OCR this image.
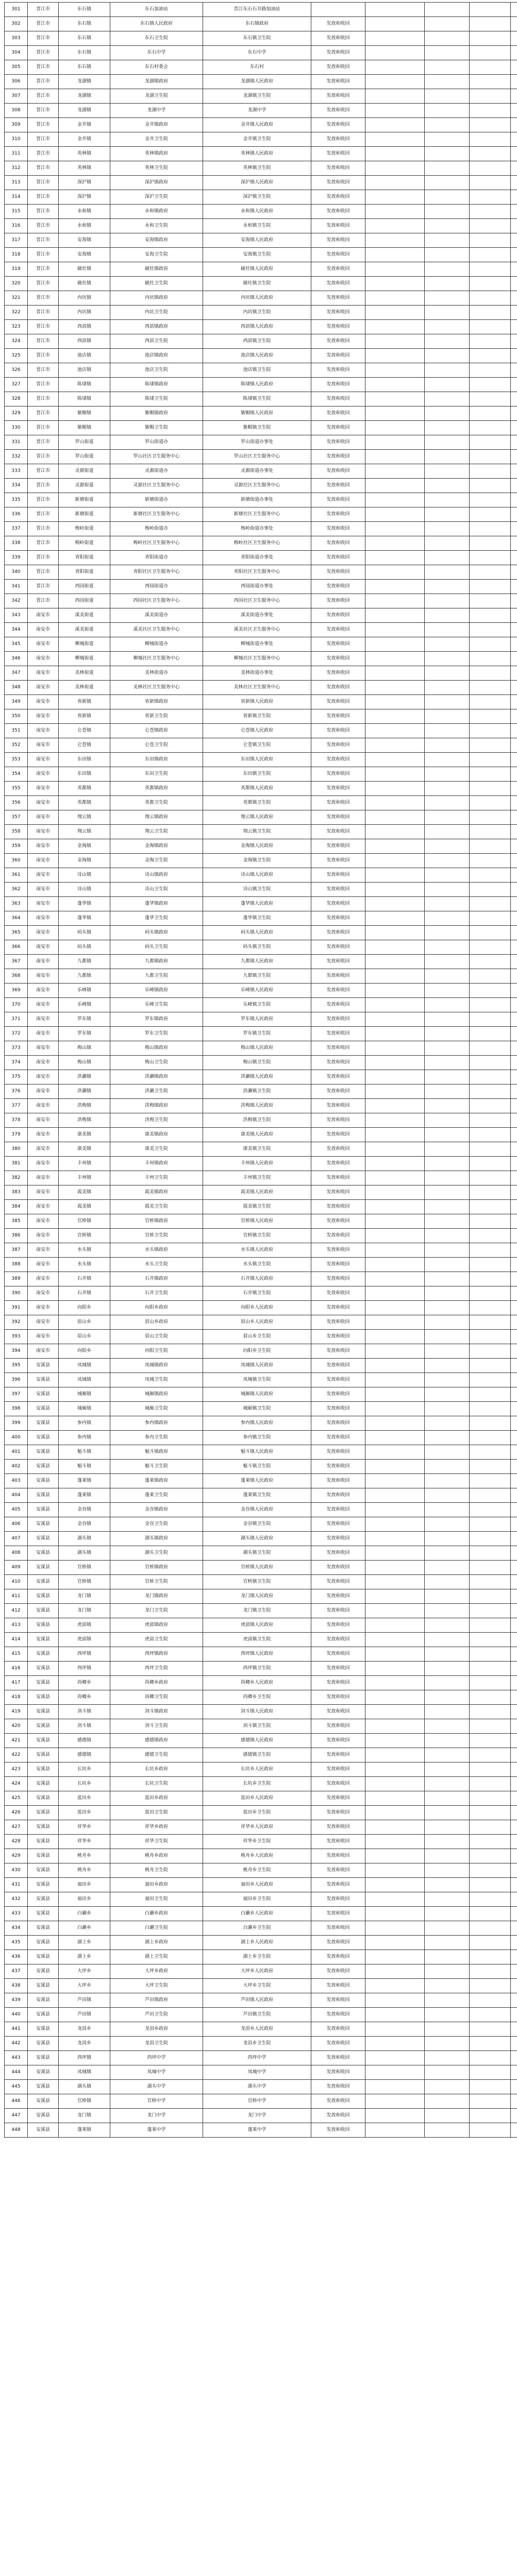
301	晋江市	东石镇	东石加油站	晋江东石石井路加油站					
302	晋江市	东石镇	东石镇人民政府	东石镇政府	发放和收回				
303	晋江市	东石镇	东石卫生院	东石镇卫生院	发放和收回				
304	晋江市	东石镇	东石中学	东石中学	发放和收回				
305	晋江市	东石镇	东石村委会	东石村	发放和收回				
306	晋江市	龙湖镇	龙湖镇政府	龙湖镇人民政府	发放和收回				
307	晋江市	龙湖镇	龙湖卫生院	龙湖镇卫生院	发放和收回				
308	晋江市	龙湖镇	龙湖中学	龙湖中学	发放和收回				
309	晋江市	金井镇	金井镇政府	金井镇人民政府	发放和收回				
310	晋江市	金井镇	金井卫生院	金井镇卫生院	发放和收回				
311	晋江市	英林镇	英林镇政府	英林镇人民政府	发放和收回				
312	晋江市	英林镇	英林卫生院	英林镇卫生院	发放和收回				
313	晋江市	深沪镇	深沪镇政府	深沪镇人民政府	发放和收回				
314	晋江市	深沪镇	深沪卫生院	深沪镇卫生院	发放和收回				
315	晋江市	永和镇	永和镇政府	永和镇人民政府	发放和收回				
316	晋江市	永和镇	永和卫生院	永和镇卫生院	发放和收回				
317	晋江市	安海镇	安海镇政府	安海镇人民政府	发放和收回				
318	晋江市	安海镇	安海卫生院	安海镇卫生院	发放和收回				
319	晋江市	磁灶镇	磁灶镇政府	磁灶镇人民政府	发放和收回				
320	晋江市	磁灶镇	磁灶卫生院	磁灶镇卫生院	发放和收回				
321	晋江市	内坑镇	内坑镇政府	内坑镇人民政府	发放和收回				
322	晋江市	内坑镇	内坑卫生院	内坑镇卫生院	发放和收回				
323	晋江市	西滨镇	西滨镇政府	西滨镇人民政府	发放和收回				
324	晋江市	西滨镇	西滨卫生院	西滨镇卫生院	发放和收回				
325	晋江市	池店镇	池店镇政府	池店镇人民政府	发放和收回				
326	晋江市	池店镇	池店卫生院	池店镇卫生院	发放和收回				
327	晋江市	陈埭镇	陈埭镇政府	陈埭镇人民政府	发放和收回				
328	晋江市	陈埭镇	陈埭卫生院	陈埭镇卫生院	发放和收回				
329	晋江市	紫帽镇	紫帽镇政府	紫帽镇人民政府	发放和收回				
330	晋江市	紫帽镇	紫帽卫生院	紫帽镇卫生院	发放和收回				
331	晋江市	罗山街道	罗山街道办	罗山街道办事处	发放和收回				
332	晋江市	罗山街道	罗山社区卫生服务中心	罗山社区卫生服务中心	发放和收回				
333	晋江市	灵源街道	灵源街道办	灵源街道办事处	发放和收回				
334	晋江市	灵源街道	灵源社区卫生服务中心	灵源社区卫生服务中心	发放和收回				
335	晋江市	新塘街道	新塘街道办	新塘街道办事处	发放和收回				
336	晋江市	新塘街道	新塘社区卫生服务中心	新塘社区卫生服务中心	发放和收回				
337	晋江市	梅岭街道	梅岭街道办	梅岭街道办事处	发放和收回				
338	晋江市	梅岭街道	梅岭社区卫生服务中心	梅岭社区卫生服务中心	发放和收回				
339	晋江市	青阳街道	青阳街道办	青阳街道办事处	发放和收回				
340	晋江市	青阳街道	青阳社区卫生服务中心	青阳社区卫生服务中心	发放和收回				
341	晋江市	西园街道	西园街道办	西园街道办事处	发放和收回				
342	晋江市	西园街道	西园社区卫生服务中心	西园社区卫生服务中心	发放和收回				
343	南安市	溪美街道	溪美街道办	溪美街道办事处	发放和收回				
344	南安市	溪美街道	溪美社区卫生服务中心	溪美社区卫生服务中心	发放和收回				
345	南安市	柳城街道	柳城街道办	柳城街道办事处	发放和收回				
346	南安市	柳城街道	柳城社区卫生服务中心	柳城社区卫生服务中心	发放和收回				
347	南安市	美林街道	美林街道办	美林街道办事处	发放和收回				
348	南安市	美林街道	美林社区卫生服务中心	美林社区卫生服务中心	发放和收回				
349	南安市	省新镇	省新镇政府	省新镇人民政府	发放和收回				
350	南安市	省新镇	省新卫生院	省新镇卫生院	发放和收回				
351	南安市	仑苍镇	仑苍镇政府	仑苍镇人民政府	发放和收回				
352	南安市	仑苍镇	仑苍卫生院	仑苍镇卫生院	发放和收回				
353	南安市	东田镇	东田镇政府	东田镇人民政府	发放和收回				
354	南安市	东田镇	东田卫生院	东田镇卫生院	发放和收回				
355	南安市	英都镇	英都镇政府	英都镇人民政府	发放和收回				
356	南安市	英都镇	英都卫生院	英都镇卫生院	发放和收回				
357	南安市	翔云镇	翔云镇政府	翔云镇人民政府	发放和收回				
358	南安市	翔云镇	翔云卫生院	翔云镇卫生院	发放和收回				
359	南安市	金淘镇	金淘镇政府	金淘镇人民政府	发放和收回				
360	南安市	金淘镇	金淘卫生院	金淘镇卫生院	发放和收回				
361	南安市	诗山镇	诗山镇政府	诗山镇人民政府	发放和收回				
362	南安市	诗山镇	诗山卫生院	诗山镇卫生院	发放和收回				
363	南安市	蓬华镇	蓬华镇政府	蓬华镇人民政府	发放和收回				
364	南安市	蓬华镇	蓬华卫生院	蓬华镇卫生院	发放和收回				
365	南安市	码头镇	码头镇政府	码头镇人民政府	发放和收回				
366	南安市	码头镇	码头卫生院	码头镇卫生院	发放和收回				
367	南安市	九都镇	九都镇政府	九都镇人民政府	发放和收回				
368	南安市	九都镇	九都卫生院	九都镇卫生院	发放和收回				
369	南安市	乐峰镇	乐峰镇政府	乐峰镇人民政府	发放和收回				
370	南安市	乐峰镇	乐峰卫生院	乐峰镇卫生院	发放和收回				
371	南安市	罗东镇	罗东镇政府	罗东镇人民政府	发放和收回				
372	南安市	罗东镇	罗东卫生院	罗东镇卫生院	发放和收回				
373	南安市	梅山镇	梅山镇政府	梅山镇人民政府	发放和收回				
374	南安市	梅山镇	梅山卫生院	梅山镇卫生院	发放和收回				
375	南安市	洪濑镇	洪濑镇政府	洪濑镇人民政府	发放和收回				
376	南安市	洪濑镇	洪濑卫生院	洪濑镇卫生院	发放和收回				
377	南安市	洪梅镇	洪梅镇政府	洪梅镇人民政府	发放和收回				
378	南安市	洪梅镇	洪梅卫生院	洪梅镇卫生院	发放和收回				
379	南安市	康美镇	康美镇政府	康美镇人民政府	发放和收回				
380	南安市	康美镇	康美卫生院	康美镇卫生院	发放和收回				
381	南安市	丰州镇	丰州镇政府	丰州镇人民政府	发放和收回				
382	南安市	丰州镇	丰州卫生院	丰州镇卫生院	发放和收回				
383	南安市	霞美镇	霞美镇政府	霞美镇人民政府	发放和收回				
384	南安市	霞美镇	霞美卫生院	霞美镇卫生院	发放和收回				
385	南安市	官桥镇	官桥镇政府	官桥镇人民政府	发放和收回				
386	南安市	官桥镇	官桥卫生院	官桥镇卫生院	发放和收回				
387	南安市	水头镇	水头镇政府	水头镇人民政府	发放和收回				
388	南安市	水头镇	水头卫生院	水头镇卫生院	发放和收回				
389	南安市	石井镇	石井镇政府	石井镇人民政府	发放和收回				
390	南安市	石井镇	石井卫生院	石井镇卫生院	发放和收回				
391	南安市	向阳乡	向阳乡政府	向阳乡人民政府	发放和收回				
392	南安市	眉山乡	眉山乡政府	眉山乡人民政府	发放和收回				
393	南安市	眉山乡	眉山卫生院	眉山乡卫生院	发放和收回				
394	南安市	向阳乡	向阳卫生院	向阳乡卫生院	发放和收回				
395	安溪县	凤城镇	凤城镇政府	凤城镇人民政府	发放和收回				
396	安溪县	凤城镇	凤城卫生院	凤城镇卫生院	发放和收回				
397	安溪县	城厢镇	城厢镇政府	城厢镇人民政府	发放和收回				
398	安溪县	城厢镇	城厢卫生院	城厢镇卫生院	发放和收回				
399	安溪县	参内镇	参内镇政府	参内镇人民政府	发放和收回				
400	安溪县	参内镇	参内卫生院	参内镇卫生院	发放和收回				
401	安溪县	魁斗镇	魁斗镇政府	魁斗镇人民政府	发放和收回				
402	安溪县	魁斗镇	魁斗卫生院	魁斗镇卫生院	发放和收回				
403	安溪县	蓬莱镇	蓬莱镇政府	蓬莱镇人民政府	发放和收回				
404	安溪县	蓬莱镇	蓬莱卫生院	蓬莱镇卫生院	发放和收回				
405	安溪县	金谷镇	金谷镇政府	金谷镇人民政府	发放和收回				
406	安溪县	金谷镇	金谷卫生院	金谷镇卫生院	发放和收回				
407	安溪县	湖头镇	湖头镇政府	湖头镇人民政府	发放和收回				
408	安溪县	湖头镇	湖头卫生院	湖头镇卫生院	发放和收回				
409	安溪县	官桥镇	官桥镇政府	官桥镇人民政府	发放和收回				
410	安溪县	官桥镇	官桥卫生院	官桥镇卫生院	发放和收回				
411	安溪县	龙门镇	龙门镇政府	龙门镇人民政府	发放和收回				
412	安溪县	龙门镇	龙门卫生院	龙门镇卫生院	发放和收回				
413	安溪县	虎邱镇	虎邱镇政府	虎邱镇人民政府	发放和收回				
414	安溪县	虎邱镇	虎邱卫生院	虎邱镇卫生院	发放和收回				
415	安溪县	西坪镇	西坪镇政府	西坪镇人民政府	发放和收回				
416	安溪县	西坪镇	西坪卫生院	西坪镇卫生院	发放和收回				
417	安溪县	尚卿乡	尚卿乡政府	尚卿乡人民政府	发放和收回				
418	安溪县	尚卿乡	尚卿卫生院	尚卿乡卫生院	发放和收回				
419	安溪县	剑斗镇	剑斗镇政府	剑斗镇人民政府	发放和收回				
420	安溪县	剑斗镇	剑斗卫生院	剑斗镇卫生院	发放和收回				
421	安溪县	感德镇	感德镇政府	感德镇人民政府	发放和收回				
422	安溪县	感德镇	感德卫生院	感德镇卫生院	发放和收回				
423	安溪县	长坑乡	长坑乡政府	长坑乡人民政府	发放和收回				
424	安溪县	长坑乡	长坑卫生院	长坑乡卫生院	发放和收回				
425	安溪县	蓝田乡	蓝田乡政府	蓝田乡人民政府	发放和收回				
426	安溪县	蓝田乡	蓝田卫生院	蓝田乡卫生院	发放和收回				
427	安溪县	祥华乡	祥华乡政府	祥华乡人民政府	发放和收回				
428	安溪县	祥华乡	祥华卫生院	祥华乡卫生院	发放和收回				
429	安溪县	桃舟乡	桃舟乡政府	桃舟乡人民政府	发放和收回				
430	安溪县	桃舟乡	桃舟卫生院	桃舟乡卫生院	发放和收回				
431	安溪县	福田乡	福田乡政府	福田乡人民政府	发放和收回				
432	安溪县	福田乡	福田卫生院	福田乡卫生院	发放和收回				
433	安溪县	白濑乡	白濑乡政府	白濑乡人民政府	发放和收回				
434	安溪县	白濑乡	白濑卫生院	白濑乡卫生院	发放和收回				
435	安溪县	湖上乡	湖上乡政府	湖上乡人民政府	发放和收回				
436	安溪县	湖上乡	湖上卫生院	湖上乡卫生院	发放和收回				
437	安溪县	大坪乡	大坪乡政府	大坪乡人民政府	发放和收回				
438	安溪县	大坪乡	大坪卫生院	大坪乡卫生院	发放和收回				
439	安溪县	芦田镇	芦田镇政府	芦田镇人民政府	发放和收回				
440	安溪县	芦田镇	芦田卫生院	芦田镇卫生院	发放和收回				
441	安溪县	龙涓乡	龙涓乡政府	龙涓乡人民政府	发放和收回				
442	安溪县	龙涓乡	龙涓卫生院	龙涓乡卫生院	发放和收回				
443	安溪县	西坪镇	西坪中学	西坪中学	发放和收回				
444	安溪县	凤城镇	凤城中学	凤城中学	发放和收回				
445	安溪县	湖头镇	湖头中学	湖头中学	发放和收回				
446	安溪县	官桥镇	官桥中学	官桥中学	发放和收回				
447	安溪县	龙门镇	龙门中学	龙门中学	发放和收回				
448	安溪县	蓬莱镇	蓬莱中学	蓬莱中学	发放和收回				
